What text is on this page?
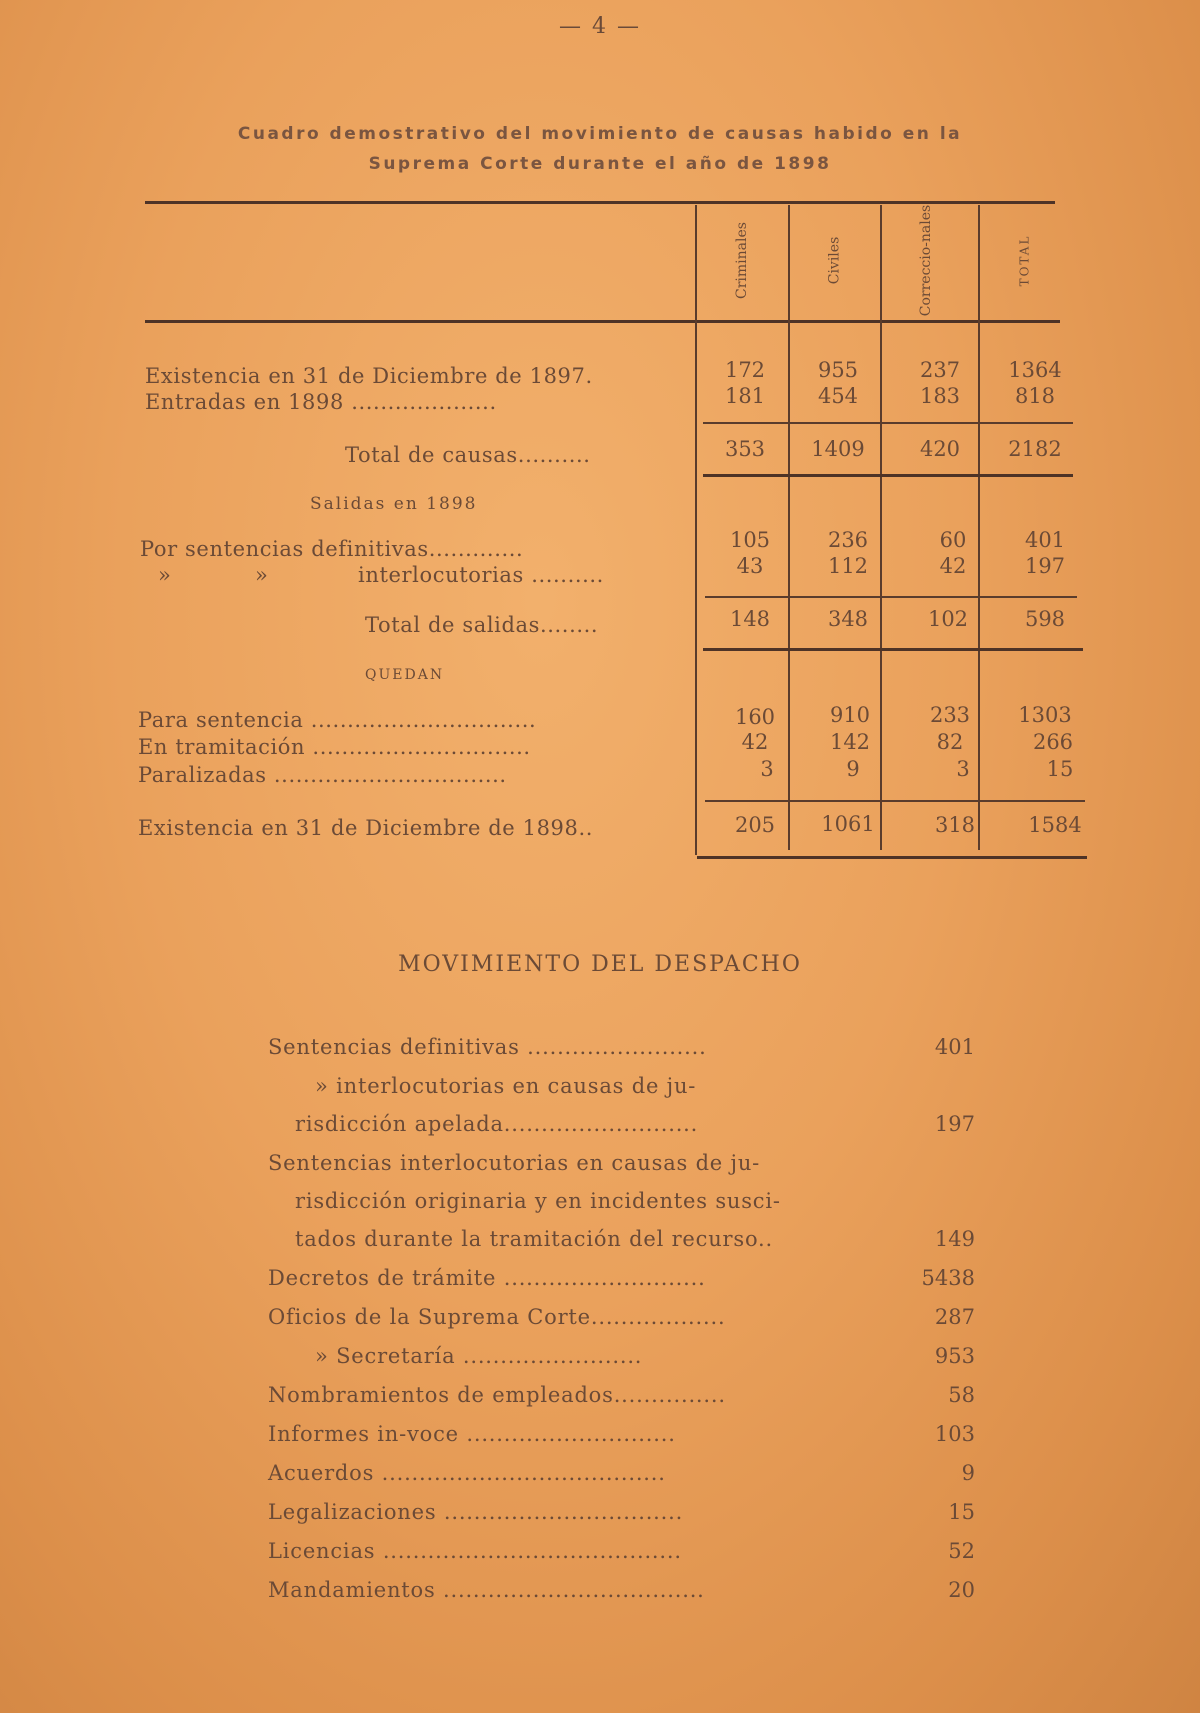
— 4 —
Cuadro demostrativo del movimiento de causas habido en la
Suprema Corte durante el año de 1898
Criminales	Civiles	Correccio-nales	TOTAL
Existencia en 31 de Diciembre de 1897.	172	955	237	1364
Entradas en 1898 ....................	181	454	183	818
Total de causas..........	353	1409	420	2182
Salidas en 1898
Por sentencias definitivas.............	105	236	60	401
»	»	interlocutorias ..........	43	112	42	197
Total de salidas........	148	348	102	598
QUEDAN
Para sentencia ...............................	160	910	233	1303
En tramitación ..............................	42	142	82	266
Paralizadas ................................	3	9	3	15
Existencia en 31 de Diciembre de 1898..	205	1061	318	1584
MOVIMIENTO DEL DESPACHO
Sentencias definitivas ........................	401
» interlocutorias en causas de ju-
risdicción apelada..........................	197
Sentencias interlocutorias en causas de ju-
risdicción originaria y en incidentes susci-
tados durante la tramitación del recurso..	149
Decretos de trámite ...........................	5438
Oficios de la Suprema Corte..................	287
» Secretaría ........................	953
Nombramientos de empleados...............	58
Informes in-voce ............................	103
Acuerdos ......................................	9
Legalizaciones ................................	15
Licencias ........................................	52
Mandamientos ...................................	20
